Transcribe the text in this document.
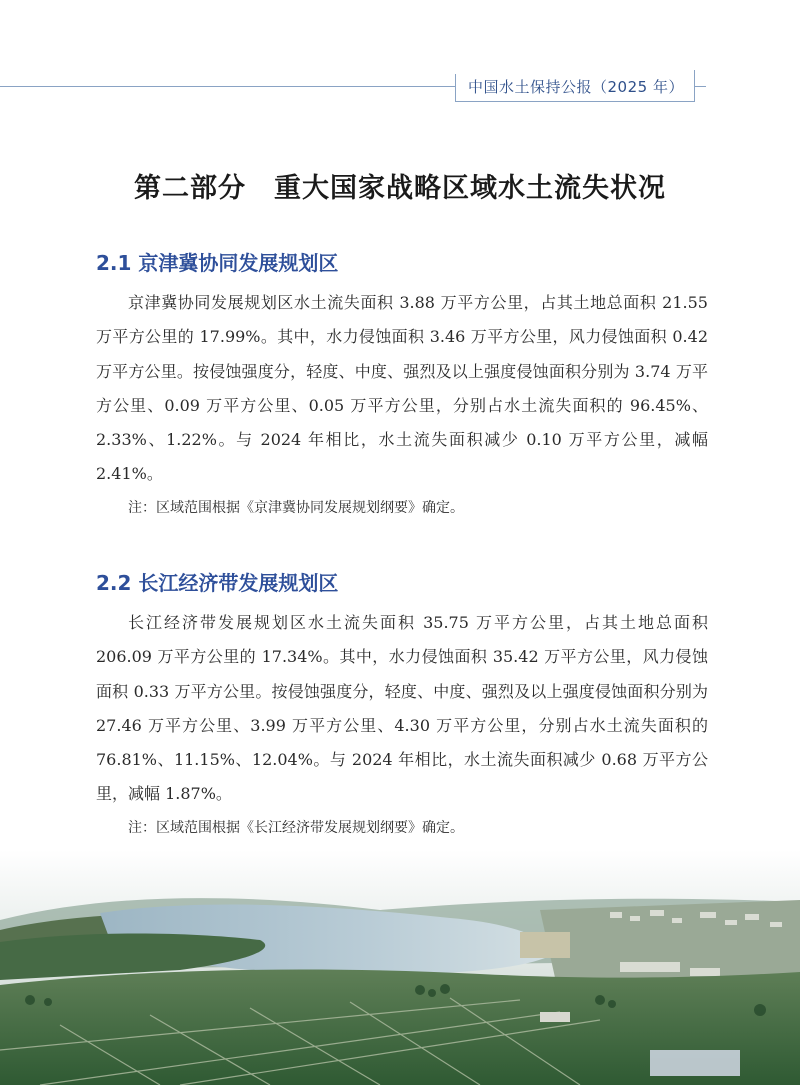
中国水土保持公报（2025 年）
第二部分 重大国家战略区域水土流失状况
2.1 京津冀协同发展规划区

京津冀协同发展规划区水土流失面积 3.88 万平方公里，占其土地总面积 21.55 万平方公里的 17.99%。其中，水力侵蚀面积 3.46 万平方公里，风力侵蚀面积 0.42 万平方公里。按侵蚀强度分，轻度、中度、强烈及以上强度侵蚀面积分别为 3.74 万平方公里、0.09 万平方公里、0.05 万平方公里，分别占水土流失面积的 96.45%、2.33%、1.22%。与 2024 年相比，水土流失面积减少 0.10 万平方公里，减幅 2.41%。

注：区域范围根据《京津冀协同发展规划纲要》确定。
2.2 长江经济带发展规划区

长江经济带发展规划区水土流失面积 35.75 万平方公里，占其土地总面积 206.09 万平方公里的 17.34%。其中，水力侵蚀面积 35.42 万平方公里，风力侵蚀面积 0.33 万平方公里。按侵蚀强度分，轻度、中度、强烈及以上强度侵蚀面积分别为 27.46 万平方公里、3.99 万平方公里、4.30 万平方公里，分别占水土流失面积的 76.81%、11.15%、12.04%。与 2024 年相比，水土流失面积减少 0.68 万平方公里，减幅 1.87%。

注：区域范围根据《长江经济带发展规划纲要》确定。
